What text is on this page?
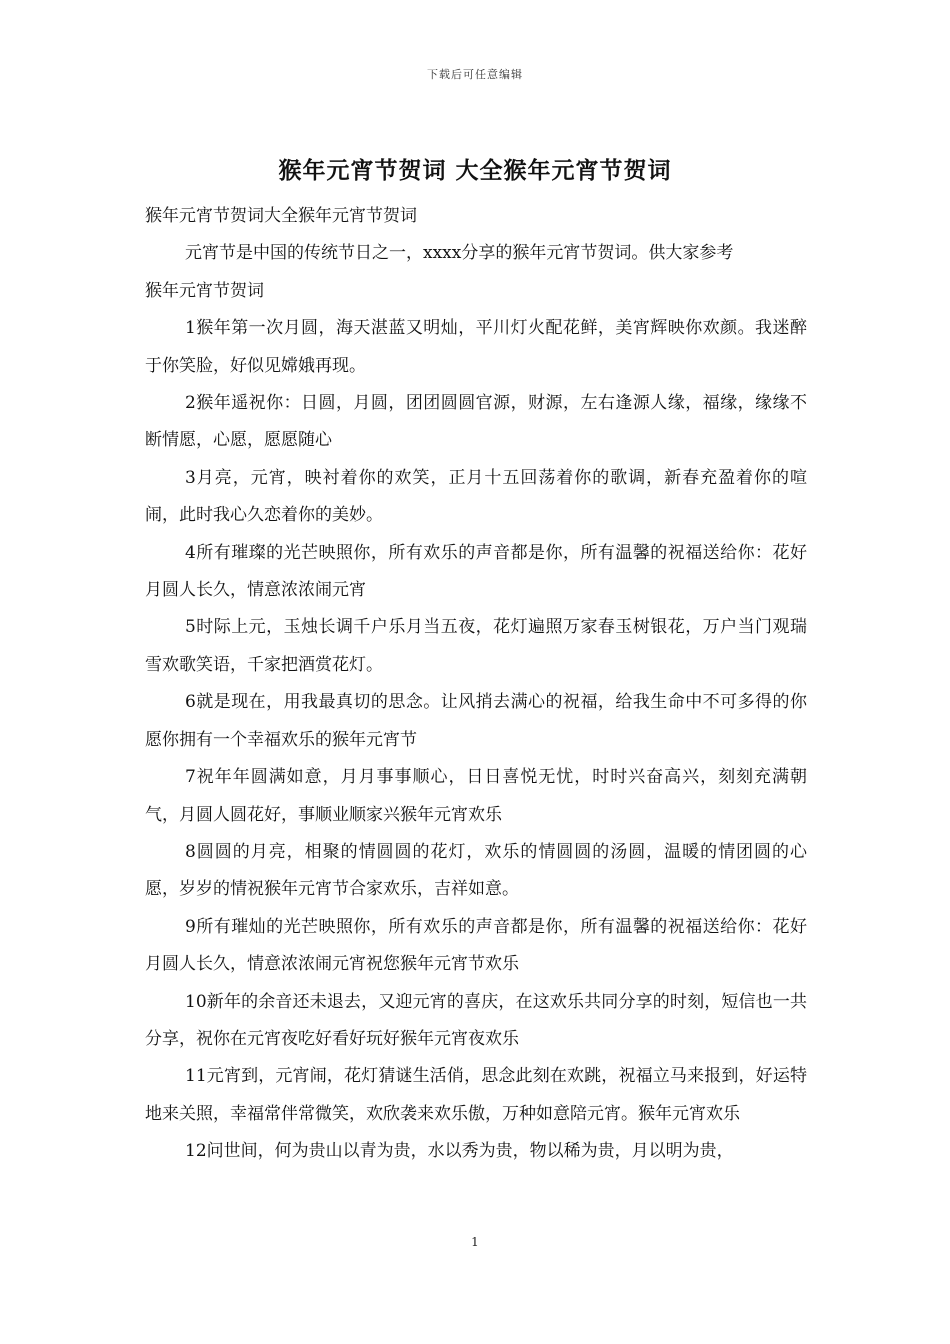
下载后可任意编辑
猴年元宵节贺词 大全猴年元宵节贺词

猴年元宵节贺词大全猴年元宵节贺词

元宵节是中国的传统节日之一，xxxx分享的猴年元宵节贺词。供大家参考

猴年元宵节贺词

1猴年第一次月圆，海天湛蓝又明灿，平川灯火配花鲜，美宵辉映你欢颜。我迷醉于你笑脸，好似见嫦娥再现。

2猴年遥祝你：日圆，月圆，团团圆圆官源，财源，左右逢源人缘，福缘，缘缘不断情愿，心愿，愿愿随心

3月亮，元宵，映衬着你的欢笑，正月十五回荡着你的歌调，新春充盈着你的喧闹，此时我心久恋着你的美妙。

4所有璀璨的光芒映照你，所有欢乐的声音都是你，所有温馨的祝福送给你：花好月圆人长久，情意浓浓闹元宵

5时际上元，玉烛长调千户乐月当五夜，花灯遍照万家春玉树银花，万户当门观瑞雪欢歌笑语，千家把酒赏花灯。

6就是现在，用我最真切的思念。让风捎去满心的祝福，给我生命中不可多得的你愿你拥有一个幸福欢乐的猴年元宵节

7祝年年圆满如意，月月事事顺心，日日喜悦无忧，时时兴奋高兴，刻刻充满朝气，月圆人圆花好，事顺业顺家兴猴年元宵欢乐

8圆圆的月亮，相聚的情圆圆的花灯，欢乐的情圆圆的汤圆，温暖的情团圆的心愿，岁岁的情祝猴年元宵节合家欢乐，吉祥如意。

9所有璀灿的光芒映照你，所有欢乐的声音都是你，所有温馨的祝福送给你：花好月圆人长久，情意浓浓闹元宵祝您猴年元宵节欢乐

10新年的余音还未退去，又迎元宵的喜庆，在这欢乐共同分享的时刻，短信也一共分享，祝你在元宵夜吃好看好玩好猴年元宵夜欢乐

11元宵到，元宵闹，花灯猜谜生活俏，思念此刻在欢跳，祝福立马来报到，好运特地来关照，幸福常伴常微笑，欢欣袭来欢乐傲，万种如意陪元宵。猴年元宵欢乐

12问世间，何为贵山以青为贵，水以秀为贵，物以稀为贵，月以明为贵，

1
